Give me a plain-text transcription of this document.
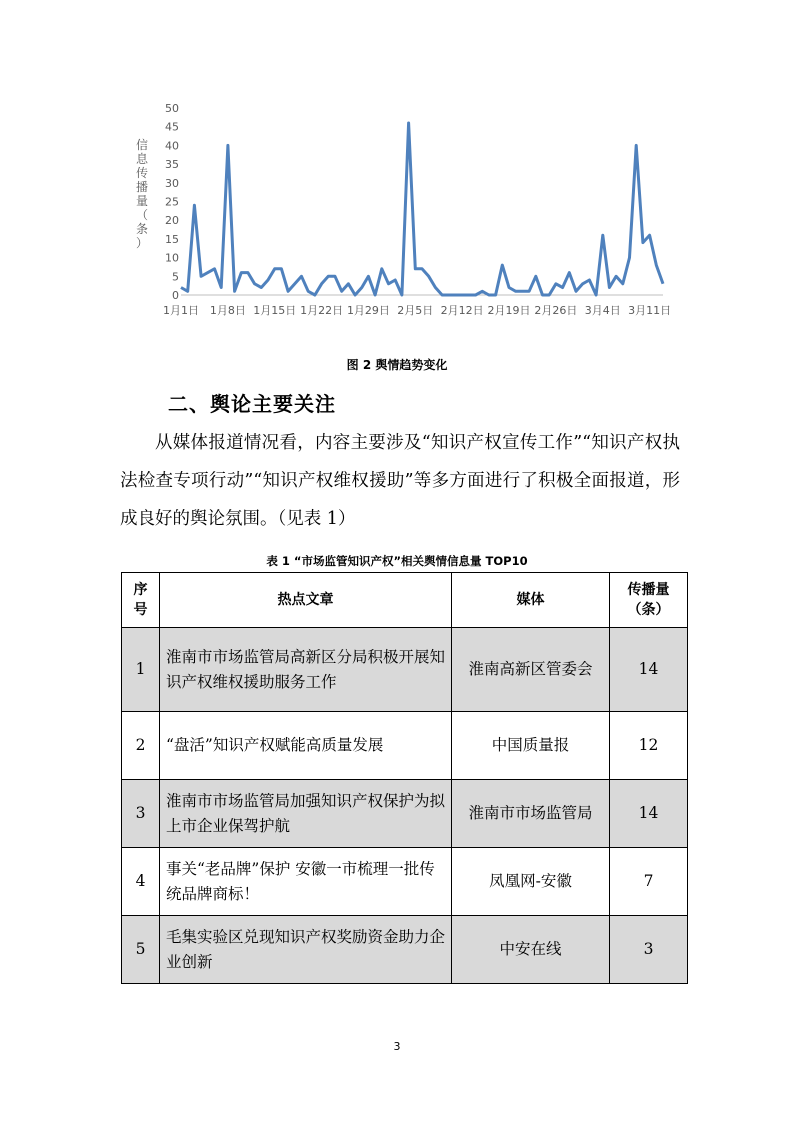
信
息
传
播
量
（
条
）
0
5
10
15
20
25
30
35
40
45
50
1月1日 1月8日 1月15日 1月22日 1月29日 2月5日 2月12日 2月19日 2月26日 3月4日 3月11日
图 2 舆情趋势变化
二、舆论主要关注
从媒体报道情况看，内容主要涉及“知识产权宣传工作”“知识产权执法检查专项行动”“知识产权维权援助”等多方面进行了积极全面报道，形成良好的舆论氛围。（见表 1）
表 1 “市场监管知识产权”相关舆情信息量 TOP10
序号	热点文章	媒体	传播量（条）
1	淮南市市场监管局高新区分局积极开展知识产权维权援助服务工作	淮南高新区管委会	14
2	“盘活”知识产权赋能高质量发展	中国质量报	12
3	淮南市市场监管局加强知识产权保护为拟上市企业保驾护航	淮南市市场监管局	14
4	事关“老品牌”保护 安徽一市梳理一批传统品牌商标！	凤凰网-安徽	7
5	毛集实验区兑现知识产权奖励资金助力企业创新	中安在线	3
3
